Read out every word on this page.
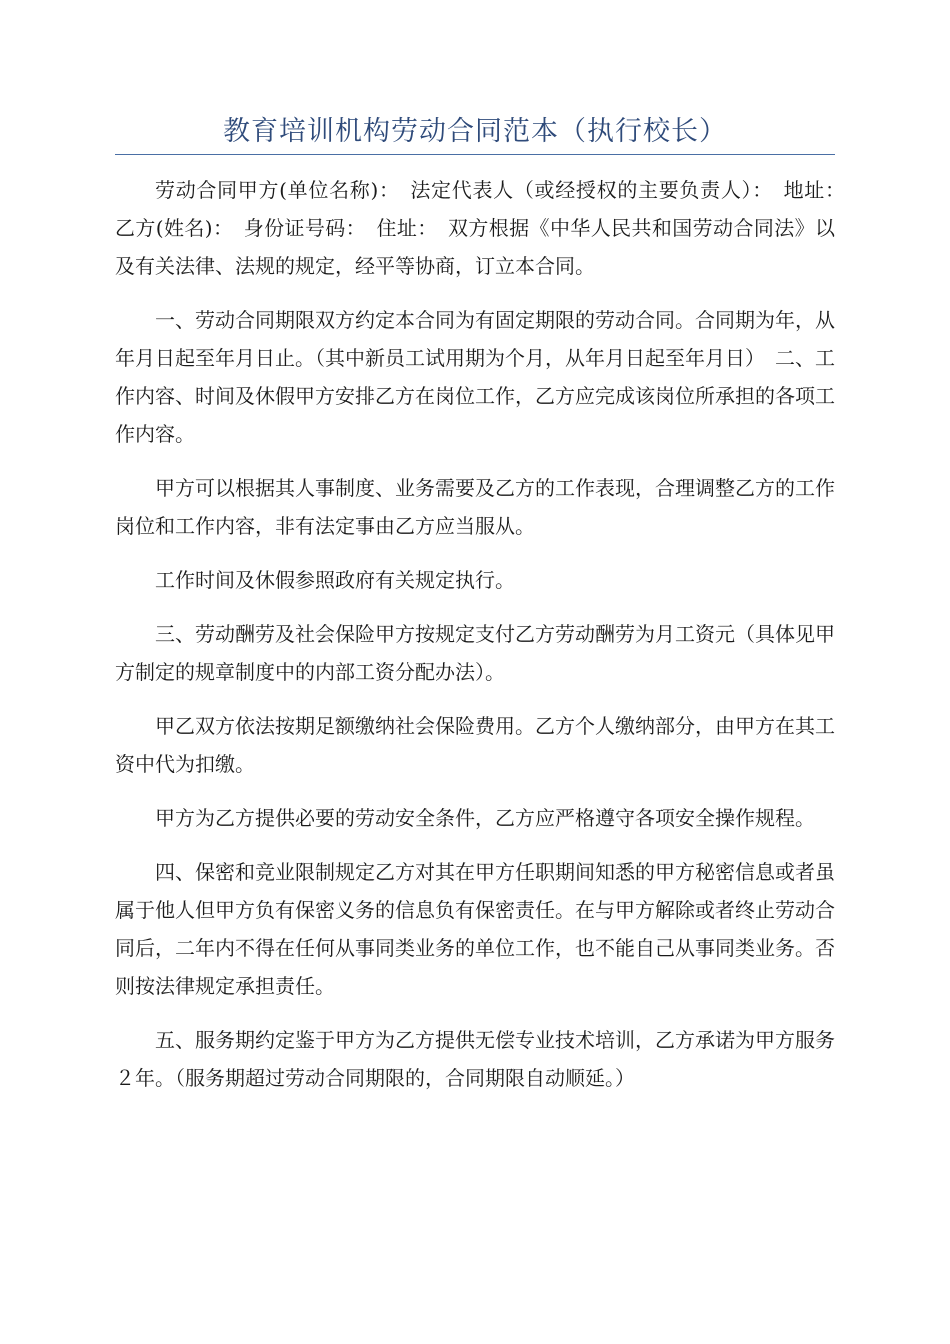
教育培训机构劳动合同范本（执行校长）

劳动合同甲方(单位名称)：　法定代表人（或经授权的主要负责人）：　地址：　乙方(姓名)：　身份证号码：　住址：　双方根据《中华人民共和国劳动合同法》以及有关法律、法规的规定，经平等协商，订立本合同。

一、劳动合同期限双方约定本合同为有固定期限的劳动合同。合同期为年，从年月日起至年月日止。（其中新员工试用期为个月，从年月日起至年月日）　二、工作内容、时间及休假甲方安排乙方在岗位工作，乙方应完成该岗位所承担的各项工作内容。

甲方可以根据其人事制度、业务需要及乙方的工作表现，合理调整乙方的工作岗位和工作内容，非有法定事由乙方应当服从。

工作时间及休假参照政府有关规定执行。

三、劳动酬劳及社会保险甲方按规定支付乙方劳动酬劳为月工资元（具体见甲方制定的规章制度中的内部工资分配办法）。

甲乙双方依法按期足额缴纳社会保险费用。乙方个人缴纳部分，由甲方在其工资中代为扣缴。

甲方为乙方提供必要的劳动安全条件，乙方应严格遵守各项安全操作规程。

四、保密和竞业限制规定乙方对其在甲方任职期间知悉的甲方秘密信息或者虽属于他人但甲方负有保密义务的信息负有保密责任。在与甲方解除或者终止劳动合同后，二年内不得在任何从事同类业务的单位工作，也不能自己从事同类业务。否则按法律规定承担责任。

五、服务期约定鉴于甲方为乙方提供无偿专业技术培训，乙方承诺为甲方服务２年。（服务期超过劳动合同期限的，合同期限自动顺延。）
